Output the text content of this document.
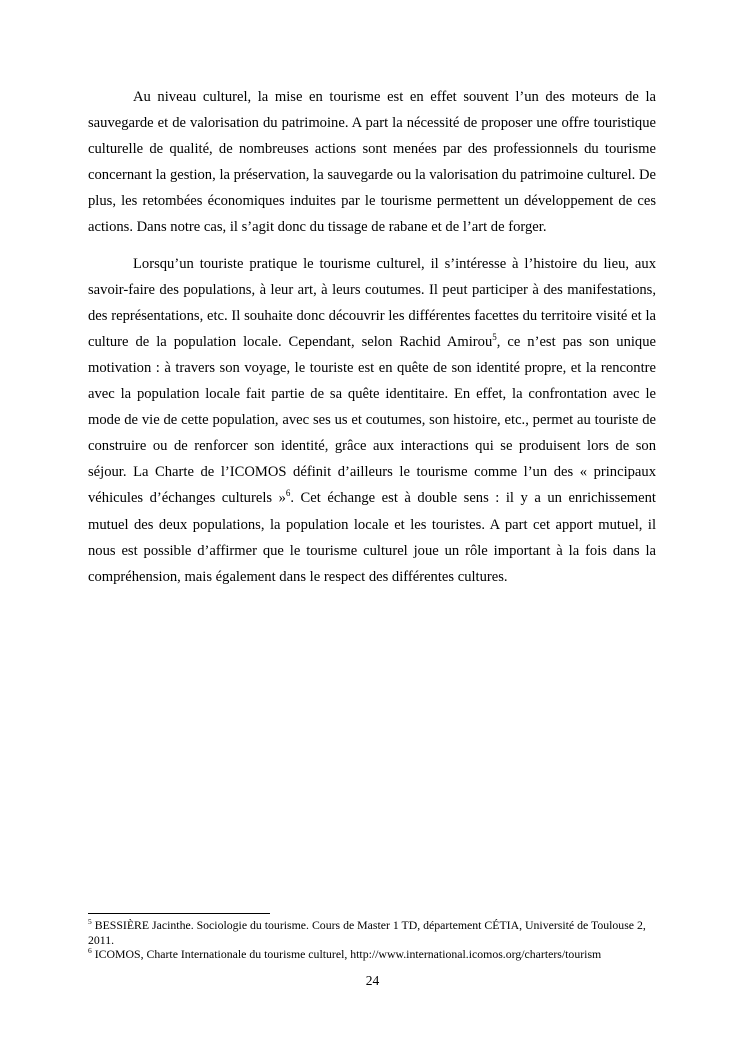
Au niveau culturel, la mise en tourisme est en effet souvent l’un des moteurs de la sauvegarde et de valorisation du patrimoine. A part la nécessité de proposer une offre touristique culturelle de qualité, de nombreuses actions sont menées par des professionnels du tourisme concernant la gestion, la préservation, la sauvegarde ou la valorisation du patrimoine culturel. De plus, les retombées économiques induites par le tourisme permettent un développement de ces actions. Dans notre cas, il s’agit donc du tissage de rabane et de l’art de forger.

Lorsqu’un touriste pratique le tourisme culturel, il s’intéresse à l’histoire du lieu, aux savoir-faire des populations, à leur art, à leurs coutumes. Il peut participer à des manifestations, des représentations, etc. Il souhaite donc découvrir les différentes facettes du territoire visité et la culture de la population locale. Cependant, selon Rachid Amirou$^5$, ce n’est pas son unique motivation : à travers son voyage, le touriste est en quête de son identité propre, et la rencontre avec la population locale fait partie de sa quête identitaire. En effet, la confrontation avec le mode de vie de cette population, avec ses us et coutumes, son histoire, etc., permet au touriste de construire ou de renforcer son identité, grâce aux interactions qui se produisent lors de son séjour. La Charte de l’ICOMOS définit d’ailleurs le tourisme comme l’un des « principaux véhicules d’échanges culturels »$^6$. Cet échange est à double sens : il y a un enrichissement mutuel des deux populations, la population locale et les touristes. A part cet apport mutuel, il nous est possible d’affirmer que le tourisme culturel joue un rôle important à la fois dans la compréhension, mais également dans le respect des différentes cultures.

$^5$ BESSIÈRE Jacinthe. Sociologie du tourisme. Cours de Master 1 TD, département CÉTIA, Université de Toulouse 2, 2011.

$^6$ ICOMOS, Charte Internationale du tourisme culturel, http://www.international.icomos.org/charters/tourism

24
